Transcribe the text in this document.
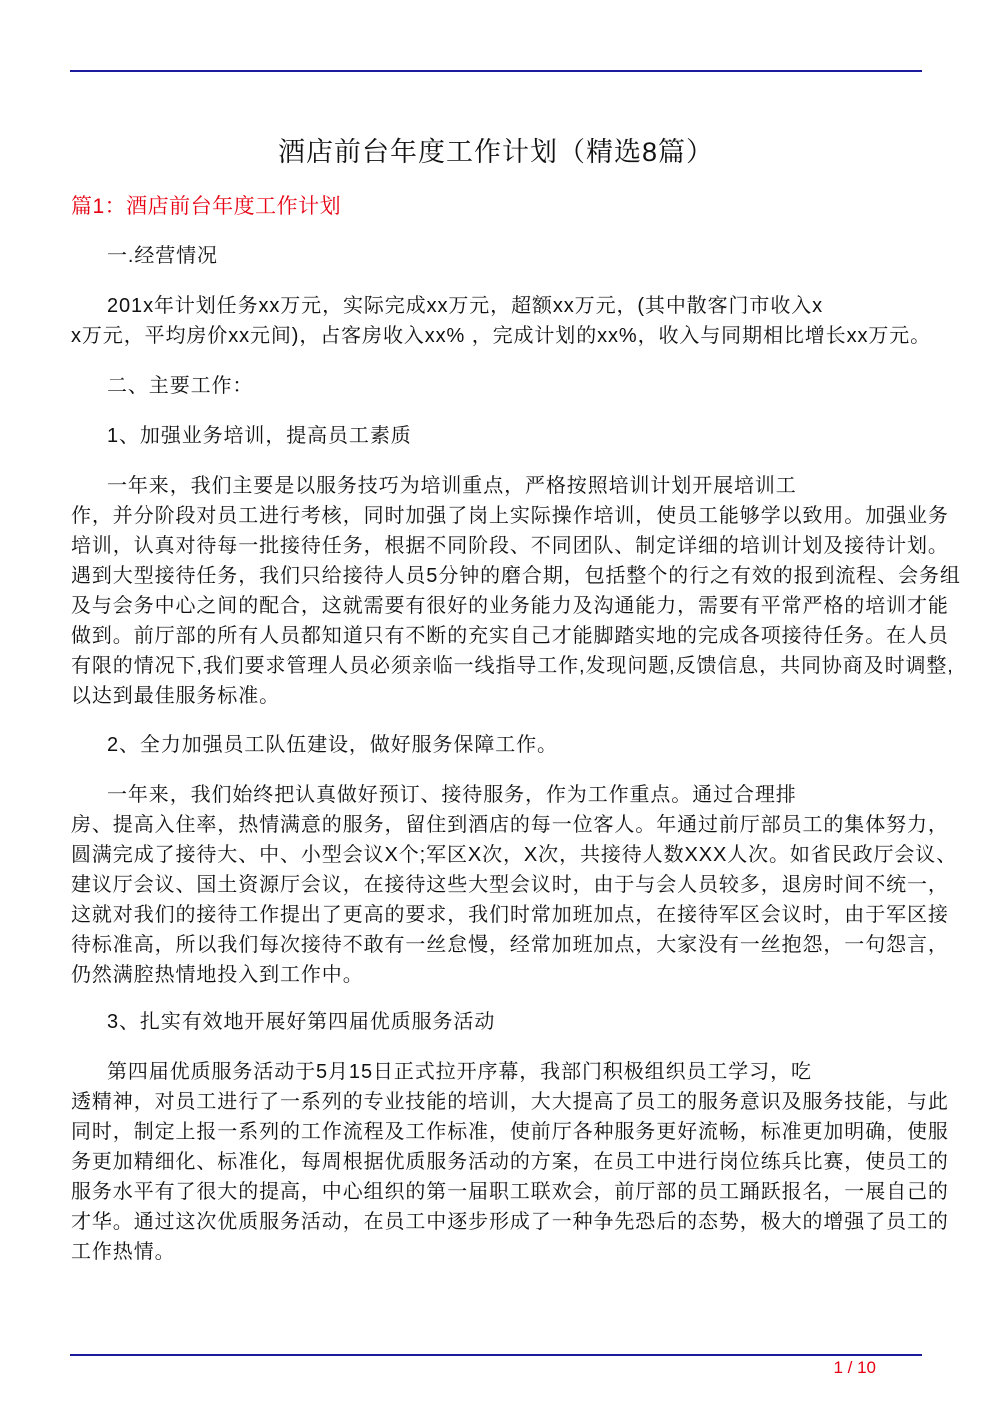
酒店前台年度工作计划（精选8篇）
篇1：酒店前台年度工作计划
一.经营情况
201x年计划任务xx万元，实际完成xx万元，超额xx万元，(其中散客门市收入x
x万元，平均房价xx元间)，占客房收入xx% ，完成计划的xx%，收入与同期相比增长xx万元。
二、主要工作：
1、加强业务培训，提高员工素质
一年来，我们主要是以服务技巧为培训重点，严格按照培训计划开展培训工
作，并分阶段对员工进行考核，同时加强了岗上实际操作培训，使员工能够学以致用。加强业务
培训，认真对待每一批接待任务，根据不同阶段、不同团队、制定详细的培训计划及接待计划。
遇到大型接待任务，我们只给接待人员5分钟的磨合期，包括整个的行之有效的报到流程、会务组
及与会务中心之间的配合，这就需要有很好的业务能力及沟通能力，需要有平常严格的培训才能
做到。前厅部的所有人员都知道只有不断的充实自己才能脚踏实地的完成各项接待任务。在人员
有限的情况下,我们要求管理人员必须亲临一线指导工作,发现问题,反馈信息，共同协商及时调整,
以达到最佳服务标准。
2、全力加强员工队伍建设，做好服务保障工作。
一年来，我们始终把认真做好预订、接待服务，作为工作重点。通过合理排
房、提高入住率，热情满意的服务，留住到酒店的每一位客人。年通过前厅部员工的集体努力，
圆满完成了接待大、中、小型会议X个;军区X次，X次，共接待人数XXX人次。如省民政厅会议、
建议厅会议、国土资源厅会议，在接待这些大型会议时，由于与会人员较多，退房时间不统一，
这就对我们的接待工作提出了更高的要求，我们时常加班加点，在接待军区会议时，由于军区接
待标准高，所以我们每次接待不敢有一丝怠慢，经常加班加点，大家没有一丝抱怨，一句怨言，
仍然满腔热情地投入到工作中。
3、扎实有效地开展好第四届优质服务活动
第四届优质服务活动于5月15日正式拉开序幕，我部门积极组织员工学习，吃
透精神，对员工进行了一系列的专业技能的培训，大大提高了员工的服务意识及服务技能，与此
同时，制定上报一系列的工作流程及工作标准，使前厅各种服务更好流畅，标准更加明确，使服
务更加精细化、标准化，每周根据优质服务活动的方案，在员工中进行岗位练兵比赛，使员工的
服务水平有了很大的提高，中心组织的第一届职工联欢会，前厅部的员工踊跃报名，一展自己的
才华。通过这次优质服务活动，在员工中逐步形成了一种争先恐后的态势，极大的增强了员工的
工作热情。
1 / 10
